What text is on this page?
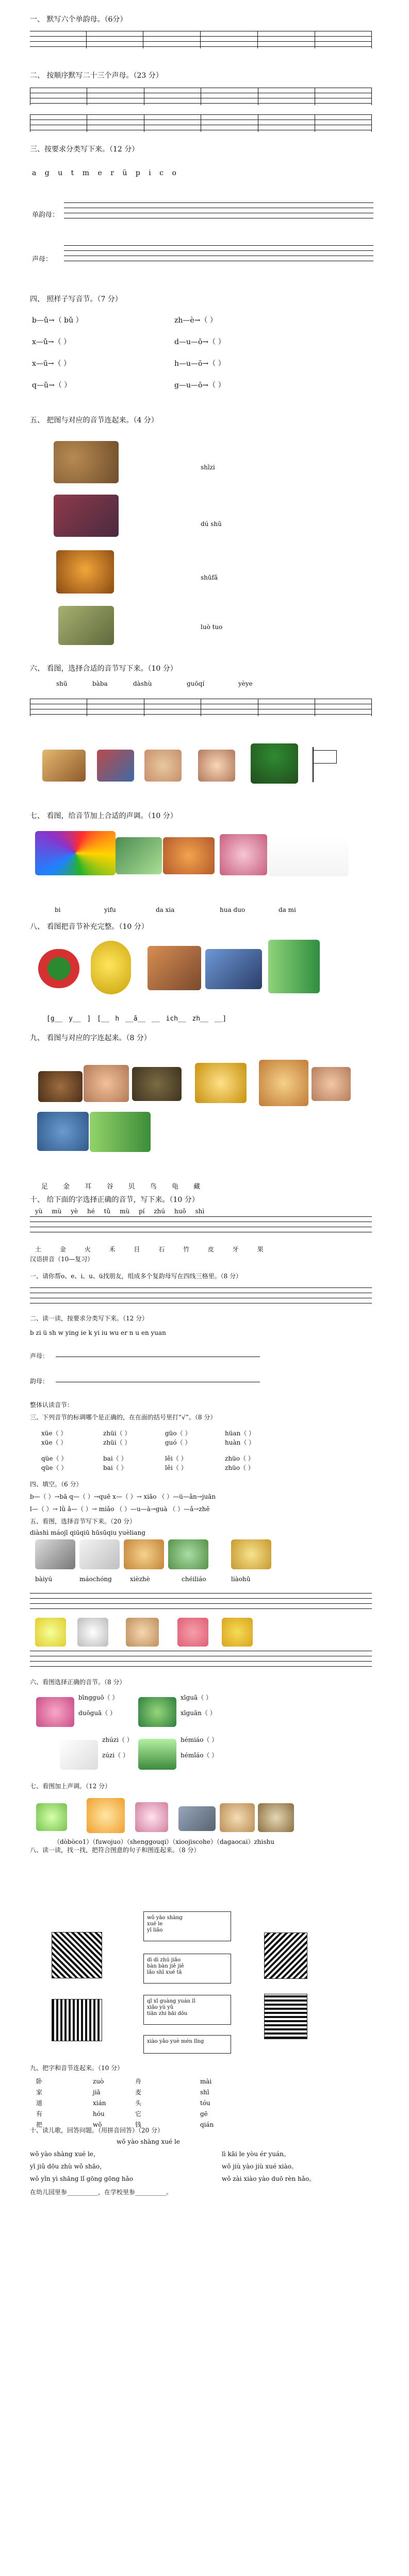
一、 默写六个单韵母。（6分）
二、 按顺序默写二十三个声母。（23 分）
三、按要求分类写下来。（12 分）
a g u t m e r ü p i c o
单韵母：
声母：
四、 照样子写音节。（7 分）
b—ǔ→（ bǔ ）	zh—è→（ ）
x—ǔ→（ ）	d—u—ō→（ ）
x—ū→（ ）	h—u—ō→（ ）
q—ǔ→（ ）	g—u—ō→（ ）
五、 把图与对应的音节连起来。（4 分）
shīzi
dú shū
shūfǎ
luò tuo
六、 看图，选择合适的音节写下来。（10 分）
shū	bàba	dàshù	guōqí	yèye
七、 看图，给音节加上合适的声调。（10 分）
bi	yifu	da xia	hua duo	da mi
八、 看图把音节补充完整。（10 分）
[g__ y__ ] [__ h __ā__ __ ich__ zh__ __]
九、 看图与对应的字连起来。（8 分）
足 金 耳 谷 贝 鸟 龟 藏
十、 给下面的字选择正确的音节，写下来。（10 分）
yù mù yè hé tǔ mù pí zhú huǒ shì
土	金	火	禾	目	石	竹	皮	牙	果
汉语拼音（10—复习）
一、请你帮o、e、i、u、ü找朋友，组成多个复韵母写在四线三格里。（8 分）
二、读一读，按要求分类写下来。（12 分）
b zi ü sh w ying ie k yi iu wu er n u en yuan
声母：
韵母：
整体认读音节：
三、下列音节的标调哪个是正确的，在在面的括号里打“√”。（8 分）
xüe（ ）	zhüi（ ）	güo（ ）	hüan（ ）
xüe（ ）	zhüi（ ）	guó（ ）	huàn（ ）
qüe（ ）	bai（ ）	lěi（ ）	zhüo（ ）
qüe（ ）	bai（ ）	lěi（ ）	zhüo（ ）
四、填空。（6 分）
b—（ ）→bā q—（ ）→quē x—（ ）→ xiāo （ ）—ü—ǎn→juān
l—（ ）→ lǜ ǎ—（ ）→ miǎo （ ）—u—à→guà （ ）—ǎ→zhě
五、看图，选择音节写下来。（20 分）
diàshì máojī qiūqiū hūsūqiu yuèliang
bàiyú	máochóng	xièzhè	chéiliáo	liàohū
六、看图选择正确的音节。（8 分）
bīngguō（ ）
duōguā（ ）
xīguā（ ）
xīguān（ ）
zhúzi（ ）
zúzi（ ）
hémiáo（ ）
hémǐáo（ ）
七、看图加上声调。（12 分）
（dòbòco1）（fuwojuo）（shenggouqi）（xioojiscohe）（dagaocai）zhishu
八、读一读，找一找，把符合图意的句子和图连起来。（8 分）
wǒ yāo shàng
xué le
yī liǎo
dì dì zhú jiǎo
bàn bàn jiě jiě
lǎo shī xué tā
qǐ xǐ guàng yuán lǐ
xiǎo yú yǔ
tiān zhi bāi dōu
xiào yǎo yuè mén lǐng
九、把字和音节连起来。（10 分）
卧
家
道
有
把
zuò
jiā
xián
hóu
wǒ
舟
麦
头
它
钱
mài
shī
tóu
gē
qián
十、读儿歌，回答问题。（用拼音回答）（20 分）
wǒ yào shàng xué le
wǒ yào shàng xué le，
yī jiǔ dōu zhù wǒ shāo，
wǒ yǐn yì shāng lǐ gōng gōng hǎo
lì kāi le yòu ér yuán。
wǒ jiù yào jiù xué xiào。
wǒ zài xiào yào duō rèn hǎo。
在幼儿园里参__________，在学校里参__________。
